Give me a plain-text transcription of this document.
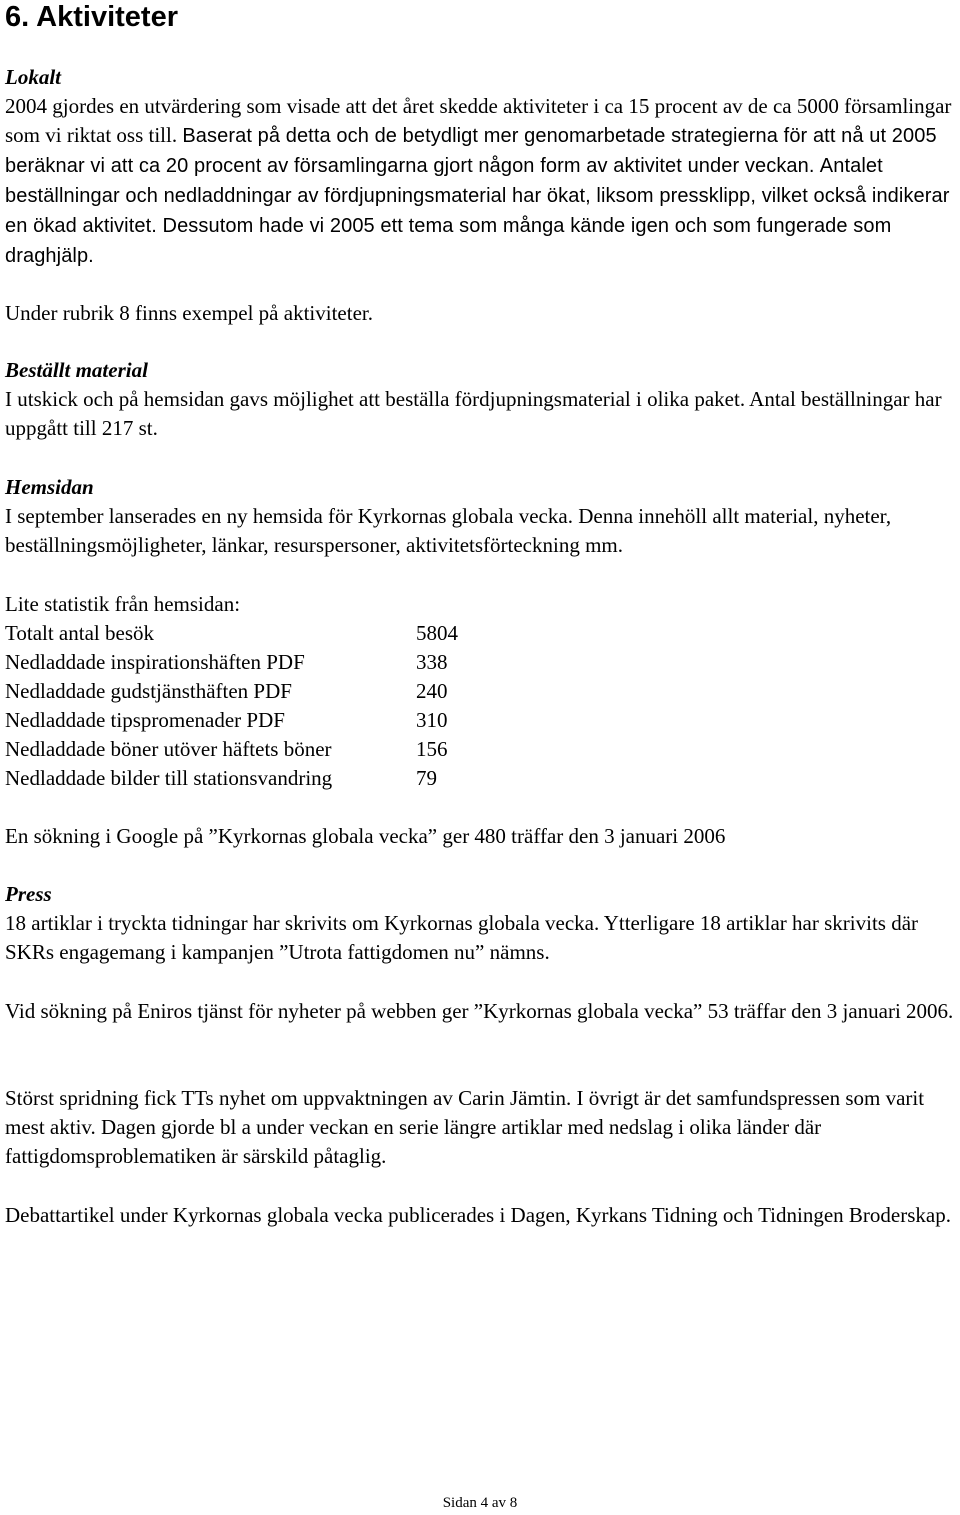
6. Aktiviteter

Lokalt

2004 gjordes en utvärdering som visade att det året skedde aktiviteter i ca 15 procent av de ca 5000 församlingar som vi riktat oss till. Baserat på detta och de betydligt mer genomarbetade strategierna för att nå ut 2005 beräknar vi att ca 20 procent av församlingarna gjort någon form av aktivitet under veckan. Antalet beställningar och nedladdningar av fördjupningsmaterial har ökat, liksom pressklipp, vilket också indikerar en ökad aktivitet. Dessutom hade vi 2005 ett tema som många kände igen och som fungerade som draghjälp.

Under rubrik 8 finns exempel på aktiviteter.

Beställt material

I utskick och på hemsidan gavs möjlighet att beställa fördjupningsmaterial i olika paket. Antal beställningar har uppgått till 217 st.

Hemsidan

I september lanserades en ny hemsida för Kyrkornas globala vecka. Denna innehöll allt material, nyheter, beställningsmöjligheter, länkar, resurspersoner, aktivitetsförteckning mm.

Lite statistik från hemsidan:

Totalt antal besök	5804
Nedladdade inspirationshäften PDF	338
Nedladdade gudstjänsthäften PDF	240
Nedladdade tipspromenader PDF	310
Nedladdade böner utöver häftets böner	156
Nedladdade bilder till stationsvandring	79

En sökning i Google på ”Kyrkornas globala vecka” ger 480 träffar den 3 januari 2006

Press

18 artiklar i tryckta tidningar har skrivits om Kyrkornas globala vecka. Ytterligare 18 artiklar har skrivits där SKRs engagemang i kampanjen ”Utrota fattigdomen nu” nämns.

Vid sökning på Eniros tjänst för nyheter på webben ger ”Kyrkornas globala vecka” 53 träffar den 3 januari 2006.

Störst spridning fick TTs nyhet om uppvaktningen av Carin Jämtin. I övrigt är det samfundspressen som varit mest aktiv. Dagen gjorde bl a under veckan en serie längre artiklar med nedslag i olika länder där fattigdomsproblematiken är särskild påtaglig.

Debattartikel under Kyrkornas globala vecka publicerades i Dagen, Kyrkans Tidning och Tidningen Broderskap.

Sidan 4 av 8
